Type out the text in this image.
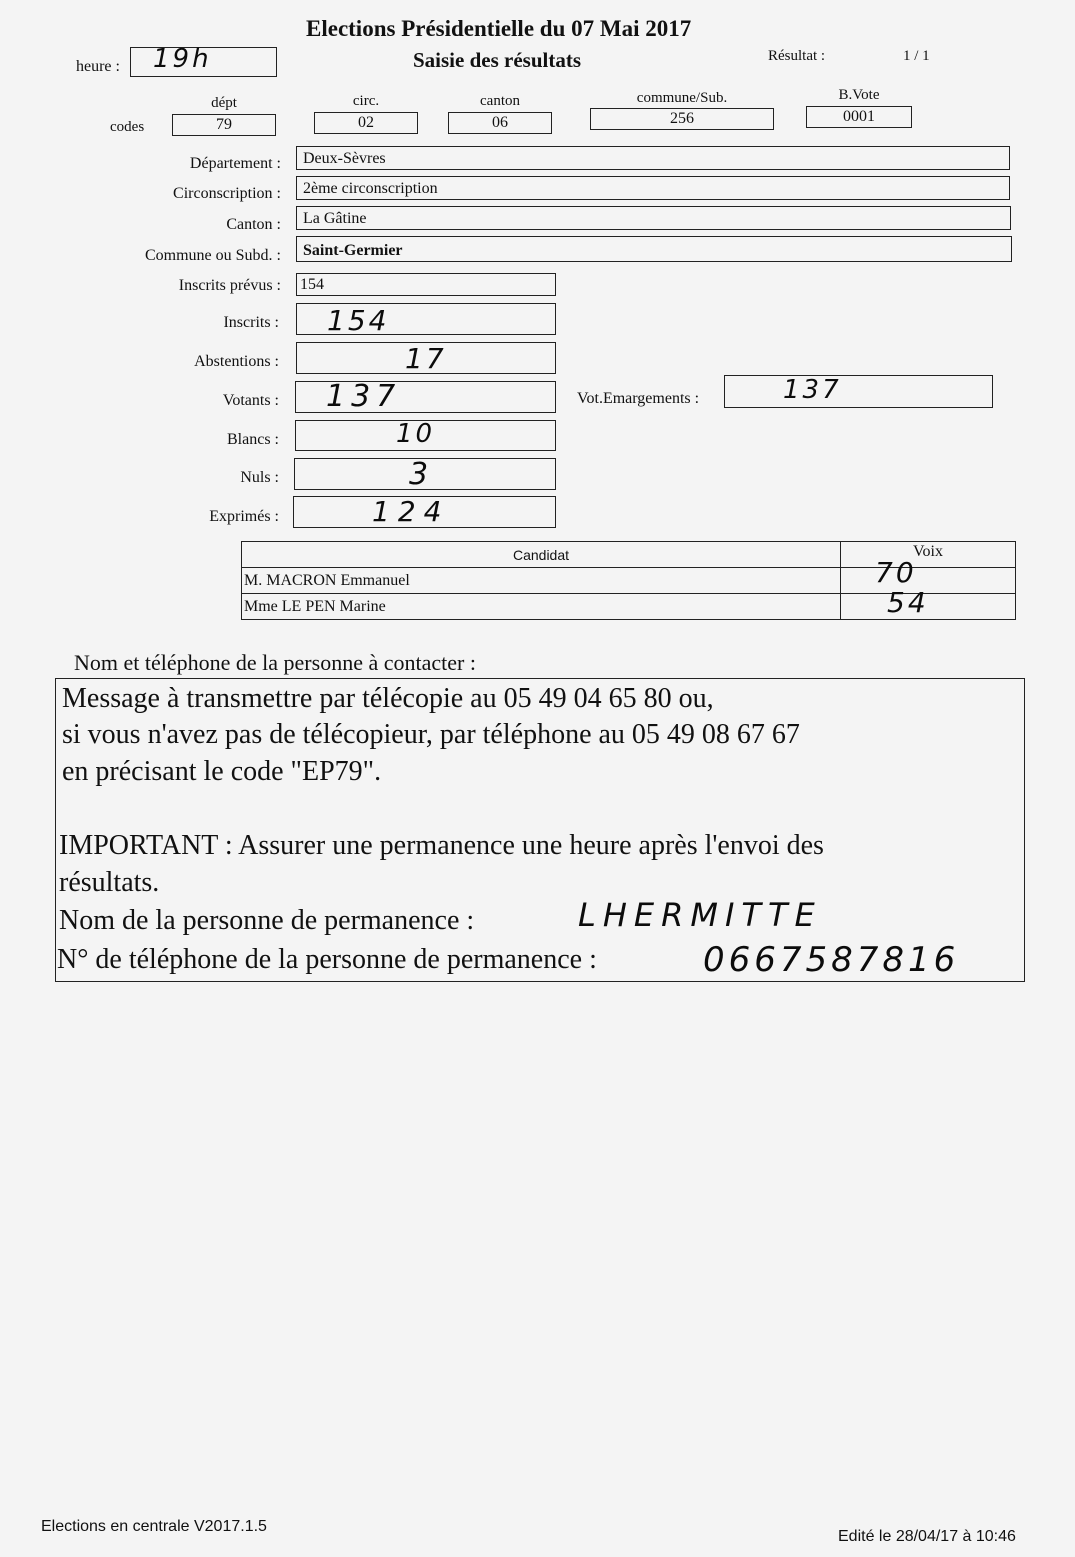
Elections Présidentielle du 07 Mai 2017
Saisie des résultats
heure : 19h	Résultat :	1 / 1
codes
dépt
79
circ.
02
canton
06
commune/Sub.
256
B.Vote
0001
Département :	Deux-Sèvres
Circonscription :	2ème circonscription
Canton :	La Gâtine
Commune ou Subd. :	Saint-Germier
Inscrits prévus : 154
Inscrits : 154
Abstentions :	17
Votants : 137	Vot.Emargements :	137
Blancs :	10
Nuls :	3
Exprimés :	124
Candidat	Voix
M. MACRON Emmanuel	70

Mme LE PEN Marine	54
Nom et téléphone de la personne à contacter :
Message à transmettre par télécopie au 05 49 04 65 80 ou,
si vous n'avez pas de télécopieur, par téléphone au 05 49 08 67 67
en précisant le code "EP79".
IMPORTANT : Assurer une permanence une heure après l'envoi des
résultats.
Nom de la personne de permanence :	LHERMITTE
N° de téléphone de la personne de permanence :	0667587816
Elections en centrale V2017.1.5
Edité le 28/04/17 à 10:46
